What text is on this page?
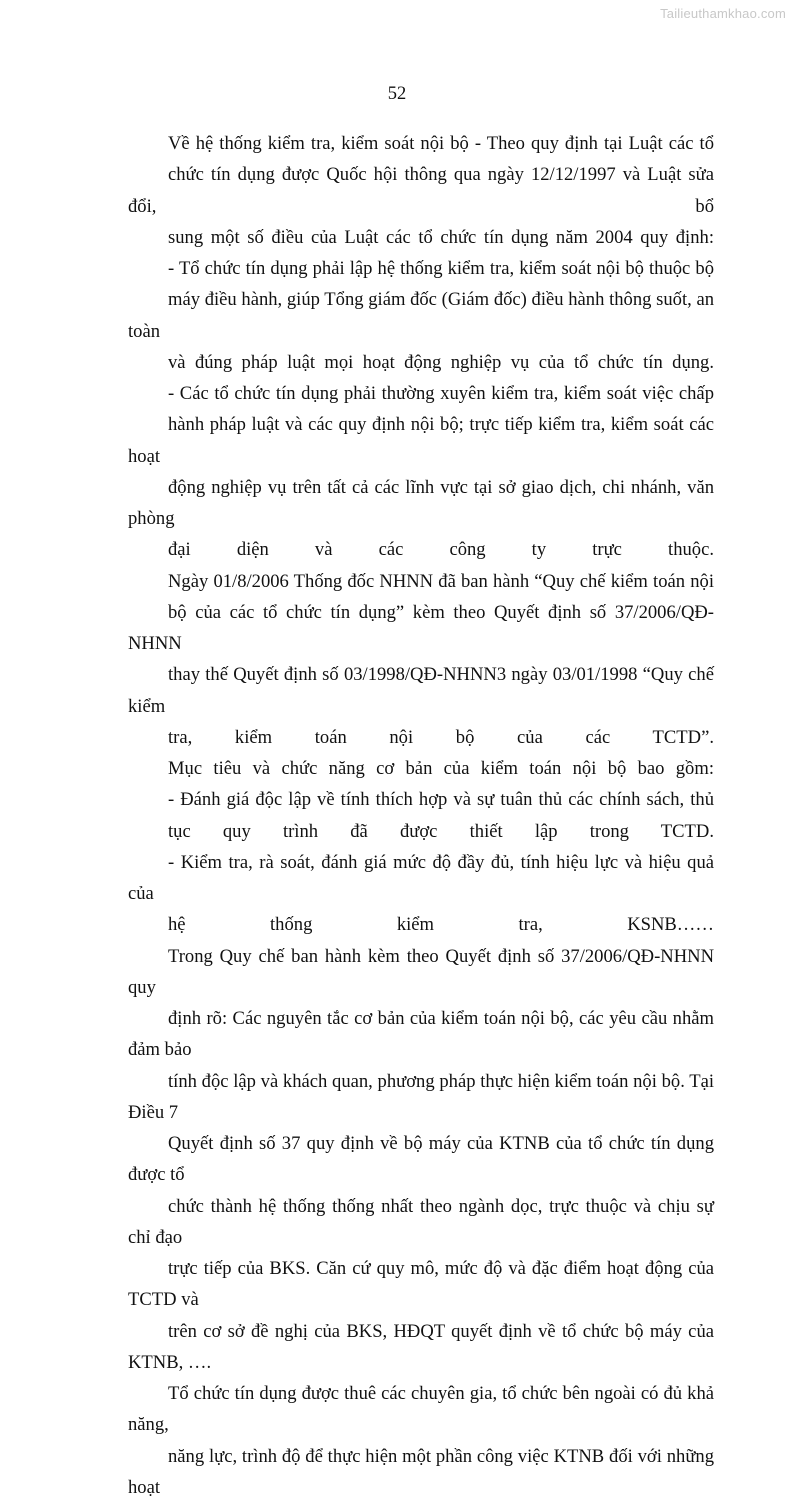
Tailieuthamkhao.com
52

Về hệ thống kiểm tra, kiểm soát nội bộ - Theo quy định tại Luật các tổ
chức tín dụng được Quốc hội thông qua ngày 12/12/1997 và Luật sửa đổi, bổ
sung một số điều của Luật các tổ chức tín dụng năm 2004 quy định:

- Tổ chức tín dụng phải lập hệ thống kiểm tra, kiểm soát nội bộ thuộc bộ
máy điều hành, giúp Tổng giám đốc (Giám đốc) điều hành thông suốt, an toàn
và đúng pháp luật mọi hoạt động nghiệp vụ của tổ chức tín dụng.

- Các tổ chức tín dụng phải thường xuyên kiểm tra, kiểm soát việc chấp
hành pháp luật và các quy định nội bộ; trực tiếp kiểm tra, kiểm soát các hoạt
động nghiệp vụ trên tất cả các lĩnh vực tại sở giao dịch, chi nhánh, văn phòng
đại diện và các công ty trực thuộc.

Ngày 01/8/2006 Thống đốc NHNN đã ban hành “Quy chế kiểm toán nội
bộ của các tổ chức tín dụng” kèm theo Quyết định số 37/2006/QĐ-NHNN
thay thế Quyết định số 03/1998/QĐ-NHNN3 ngày 03/01/1998 “Quy chế kiểm
tra, kiểm toán nội bộ của các TCTD”.

Mục tiêu và chức năng cơ bản của kiểm toán nội bộ bao gồm:

- Đánh giá độc lập về tính thích hợp và sự tuân thủ các chính sách, thủ
tục quy trình đã được thiết lập trong TCTD.

- Kiểm tra, rà soát, đánh giá mức độ đầy đủ, tính hiệu lực và hiệu quả của
hệ thống kiểm tra, KSNB……

Trong Quy chế ban hành kèm theo Quyết định số 37/2006/QĐ-NHNN quy
định rõ: Các nguyên tắc cơ bản của kiểm toán nội bộ, các yêu cầu nhằm đảm bảo
tính độc lập và khách quan, phương pháp thực hiện kiểm toán nội bộ. Tại Điều 7
Quyết định số 37 quy định về bộ máy của KTNB của tổ chức tín dụng được tổ
chức thành hệ thống thống nhất theo ngành dọc, trực thuộc và chịu sự chỉ đạo
trực tiếp của BKS. Căn cứ quy mô, mức độ và đặc điểm hoạt động của TCTD và
trên cơ sở đề nghị của BKS, HĐQT quyết định về tổ chức bộ máy của KTNB, ….
Tổ chức tín dụng được thuê các chuyên gia, tổ chức bên ngoài có đủ khả năng,
năng lực, trình độ để thực hiện một phần công việc KTNB đối với những hoạt
